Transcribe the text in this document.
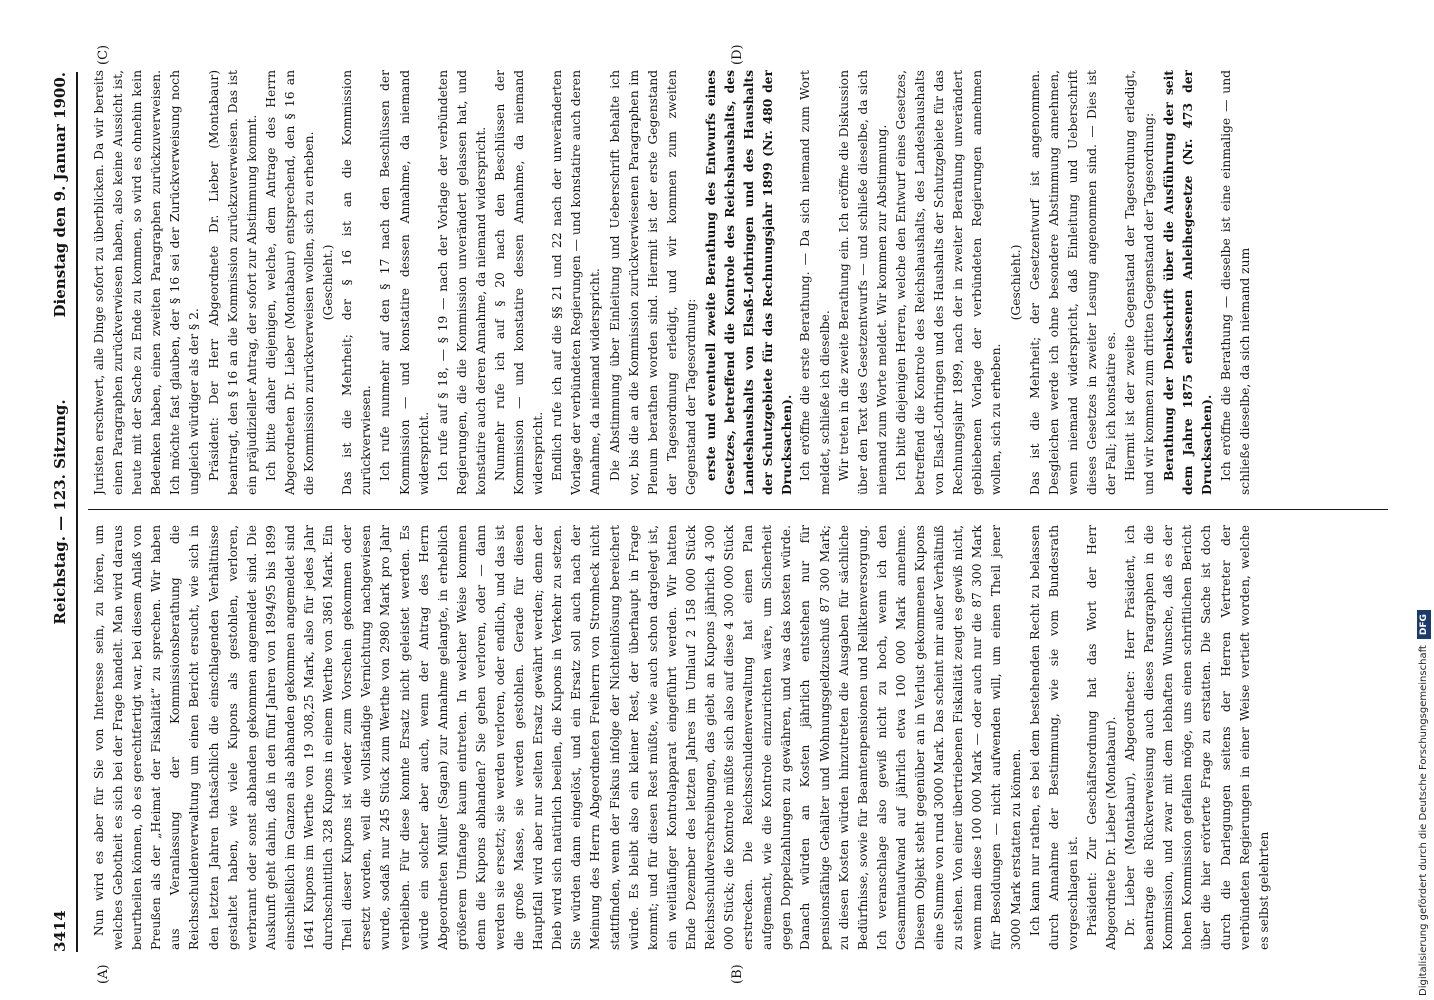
3414
Reichstag. — 123. Sitzung.
Dienstag den 9. Januar 1900.
(A)	(B)
(C)	(D)

Nun wird es aber für Sie von Interesse sein, zu hören, um welches Gebotheit es sich bei der Frage handelt. Man wird daraus beurtheilen können, ob es gerechtfertigt war, bei diesem Anlaß von Preußen als der „Heimat der Fiskalität“ zu sprechen. Wir haben aus Veranlassung der Kommissionsberathung die Reichsschuldenverwaltung um einen Bericht ersucht, wie sich in den letzten Jahren thatsächlich die einschlagenden Verhältnisse gestaltet haben, wie viele Kupons als gestohlen, verloren, verbrannt oder sonst abhanden gekommen angemeldet sind. Die Auskunft geht dahin, daß in den fünf Jahren von 1894/95 bis 1899 einschließlich im Ganzen als abhanden gekommen angemeldet sind 1641 Kupons im Werthe von 19 308,25 Mark, also für jedes Jahr durchschnittlich 328 Kupons in einem Werthe von 3861 Mark. Ein Theil dieser Kupons ist wieder zum Vorschein gekommen oder ersetzt worden, weil die vollständige Vernichtung nachgewiesen wurde, sodaß nur 245 Stück zum Werthe von 2980 Mark pro Jahr verbleiben. Für diese konnte Ersatz nicht geleistet werden. Es würde ein solcher aber auch, wenn der Antrag des Herrn Abgeordneten Müller (Sagan) zur Annahme gelangte, in erheblich größerem Umfange kaum eintreten. In welcher Weise kommen denn die Kupons abhanden? Sie gehen verloren, oder — dann werden sie ersetzt; sie werden verloren, oder endlich, und das ist die große Masse, sie werden gestohlen. Gerade für diesen Hauptfall wird aber nur selten Ersatz gewährt werden; denn der Dieb wird sich natürlich beeilen, die Kupons in Verkehr zu setzen. Sie würden dann eingelöst, und ein Ersatz soll auch nach der Meinung des Herrn Abgeordneten Freiherrn von Stromheck nicht stattfinden, wenn der Fiskus infolge der Nichteinlösung bereichert würde. Es bleibt also ein kleiner Rest, der überhaupt in Frage kommt; und für diesen Rest müßte, wie auch schon dargelegt ist, ein weitläufiger Kontrolapparat eingeführt werden. Wir hatten Ende Dezember des letzten Jahres im Umlauf 2 158 000 Stück Reichsschuldverschreibungen, das giebt an Kupons jährlich 4 300 000 Stück; die Kontrole müßte sich also auf diese 4 300 000 Stück erstrecken. Die Reichsschuldenverwaltung hat einen Plan aufgemacht, wie die Kontrole einzurichten wäre, um Sicherheit gegen Doppelzahlungen zu gewähren, und was das kosten würde. Danach würden an Kosten jährlich entstehen nur für pensionsfähige Gehälter und Wohnungsgeldzuschuß 87 300 Mark; zu diesen Kosten würden hinzutreten die Ausgaben für sächliche Bedürfnisse, sowie für Beamtenpensionen und Reliktenversorgung. Ich veranschlage also gewiß nicht zu hoch, wenn ich den Gesammtaufwand auf jährlich etwa 100 000 Mark annehme. Diesem Objekt steht gegenüber an in Verlust gekommenen Kupons eine Summe von rund 3000 Mark. Das scheint mir außer Verhältniß zu stehen. Von einer übertriebenen Fiskalität zeugt es gewiß nicht, wenn man diese 100 000 Mark — oder auch nur die 87 300 Mark für Besoldungen — nicht aufwenden will, um einen Theil jener 3000 Mark erstatten zu können. Ich kann nur rathen, es bei dem bestehenden Recht zu belassen durch Annahme der Bestimmung, wie sie vom Bundesrath vorgeschlagen ist. Präsident: Zur Geschäftsordnung hat das Wort der Herr Abgeordnete Dr. Lieber (Montabaur). Dr. Lieber (Montabaur), Abgeordneter: Herr Präsident, ich beantrage die Rückverweisung auch dieses Paragraphen in die Kommission, und zwar mit dem lebhaften Wunsche, daß es der hohen Kommission gefallen möge, uns einen schriftlichen Bericht über die hier erörterte Frage zu erstatten. Die Sache ist doch durch die Darlegungen seitens der Herren Vertreter der verbündeten Regierungen in einer Weise vertieft worden, welche es selbst gelehrten

Juristen erschwert, alle Dinge sofort zu überblicken. Da wir bereits einen Paragraphen zurückverwiesen haben, also keine Aussicht ist, heute mit der Sache zu Ende zu kommen, so wird es ohnehin kein Bedenken haben, einen zweiten Paragraphen zurückzuverweisen. Ich möchte fast glauben, der § 16 sei der Zurückverweisung noch ungleich würdiger als der § 2. Präsident: Der Herr Abgeordnete Dr. Lieber (Montabaur) beantragt, den § 16 an die Kommission zurückzuverweisen. Das ist ein präjudizieller Antrag, der sofort zur Abstimmung kommt. Ich bitte daher diejenigen, welche, dem Antrage des Herrn Abgeordneten Dr. Lieber (Montabaur) entsprechend, den § 16 an die Kommission zurückverweisen wollen, sich zu erheben. (Geschieht.) Das ist die Mehrheit; der § 16 ist an die Kommission zurückverwiesen. Ich rufe nunmehr auf den § 17 nach den Beschlüssen der Kommission — und konstatire dessen Annahme, da niemand widerspricht. Ich rufe auf § 18, — § 19 — nach der Vorlage der verbündeten Regierungen, die die Kommission unverändert gelassen hat, und konstatire auch deren Annahme, da niemand widerspricht. Nunmehr rufe ich auf § 20 nach den Beschlüssen der Kommission — und konstatire dessen Annahme, da niemand widerspricht. Endlich rufe ich auf die §§ 21 und 22 nach der unveränderten Vorlage der verbündeten Regierungen — und konstatire auch deren Annahme, da niemand widerspricht. Die Abstimmung über Einleitung und Ueberschrift behalte ich vor, bis die an die Kommission zurückverwiesenen Paragraphen im Plenum berathen worden sind. Hiermit ist der erste Gegenstand der Tagesordnung erledigt, und wir kommen zum zweiten Gegenstand der Tagesordnung: erste und eventuell zweite Berathung des Entwurfs eines Gesetzes, betreffend die Kontrole des Reichshaushalts, des Landeshaushalts von Elsaß-Lothringen und des Haushalts der Schutzgebiete für das Rechnungsjahr 1899 (Nr. 480 der Drucksachen). Ich eröffne die erste Berathung. — Da sich niemand zum Wort meldet, schließe ich dieselbe. Wir treten in die zweite Berathung ein. Ich eröffne die Diskussion über den Text des Gesetzentwurfs — und schließe dieselbe, da sich niemand zum Worte meldet. Wir kommen zur Abstimmung. Ich bitte diejenigen Herren, welche den Entwurf eines Gesetzes, betreffend die Kontrole des Reichshaushalts, des Landeshaushalts von Elsaß-Lothringen und des Haushalts der Schutzgebiete für das Rechnungsjahr 1899, nach der in zweiter Berathung unverändert gebliebenen Vorlage der verbündeten Regierungen annehmen wollen, sich zu erheben.

(Geschieht.) Das ist die Mehrheit; der Gesetzentwurf ist angenommen. Desgleichen werde ich ohne besondere Abstimmung annehmen, wenn niemand widerspricht, daß Einleitung und Ueberschrift dieses Gesetzes in zweiter Lesung angenommen sind. — Dies ist der Fall; ich konstatire es. Hiermit ist der zweite Gegenstand der Tagesordnung erledigt, und wir kommen zum dritten Gegenstand der Tagesordnung: Berathung der Denkschrift über die Ausführung der seit dem Jahre 1875 erlassenen Anleihegesetze (Nr. 473 der Drucksachen). Ich eröffne die Berathung — dieselbe ist eine einmalige — und schließe dieselbe, da sich niemand zum

Digitalisierung gefördert durch die Deutsche ForschungsgemeinschaftDFG
